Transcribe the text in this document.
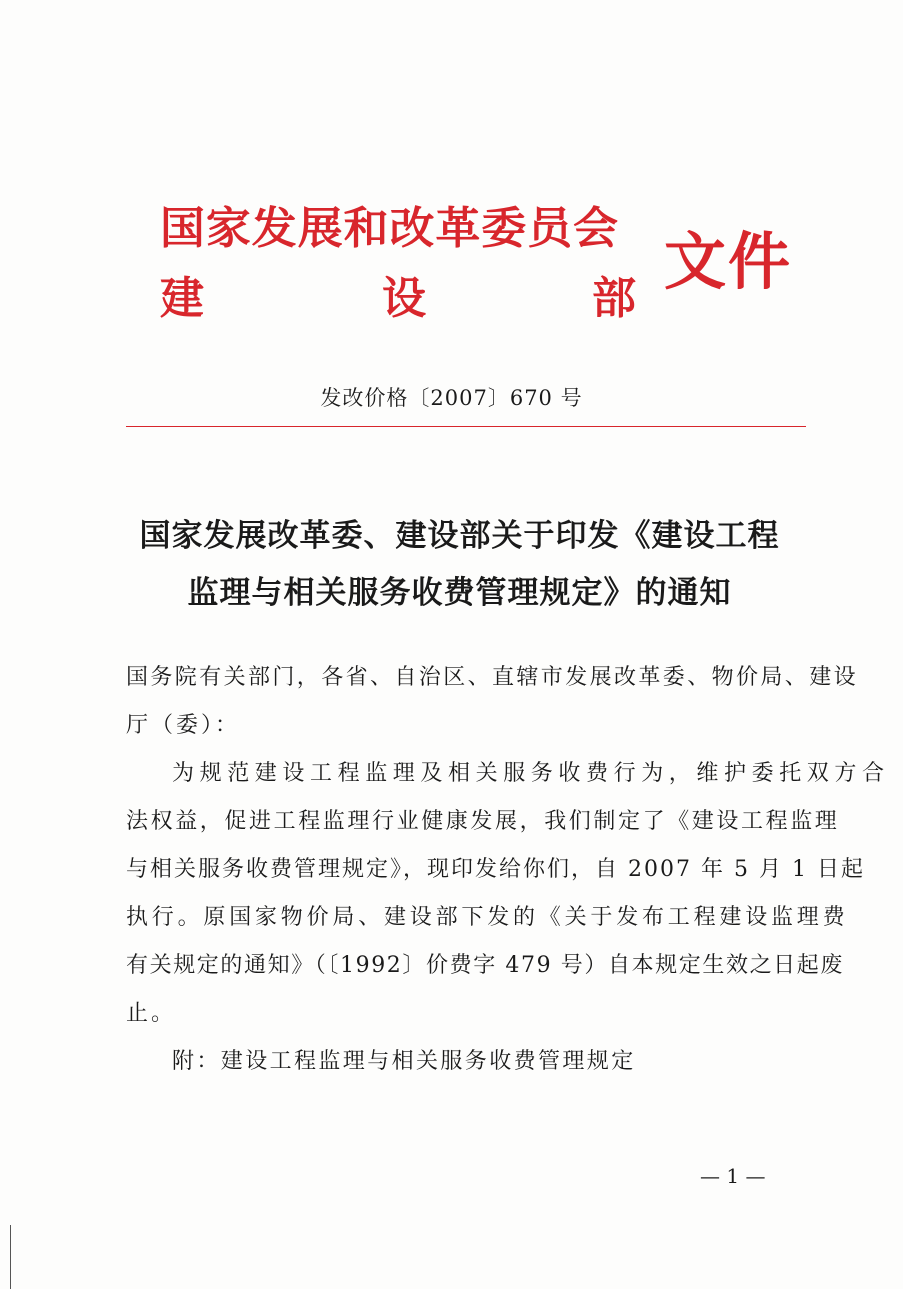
国家发展和改革委员会
建	设	部
文件
发改价格〔2007〕670 号
国家发展改革委、建设部关于印发《建设工程
监理与相关服务收费管理规定》的通知
国务院有关部门，各省、自治区、直辖市发展改革委、物价局、建设
厅（委）：
为规范建设工程监理及相关服务收费行为，维护委托双方合
法权益，促进工程监理行业健康发展，我们制定了《建设工程监理
与相关服务收费管理规定》，现印发给你们，自 2007 年 5 月 1 日起
执行。原国家物价局、建设部下发的《关于发布工程建设监理费
有关规定的通知》（〔1992〕价费字 479 号）自本规定生效之日起废
止。
附：建设工程监理与相关服务收费管理规定
— 1 —
